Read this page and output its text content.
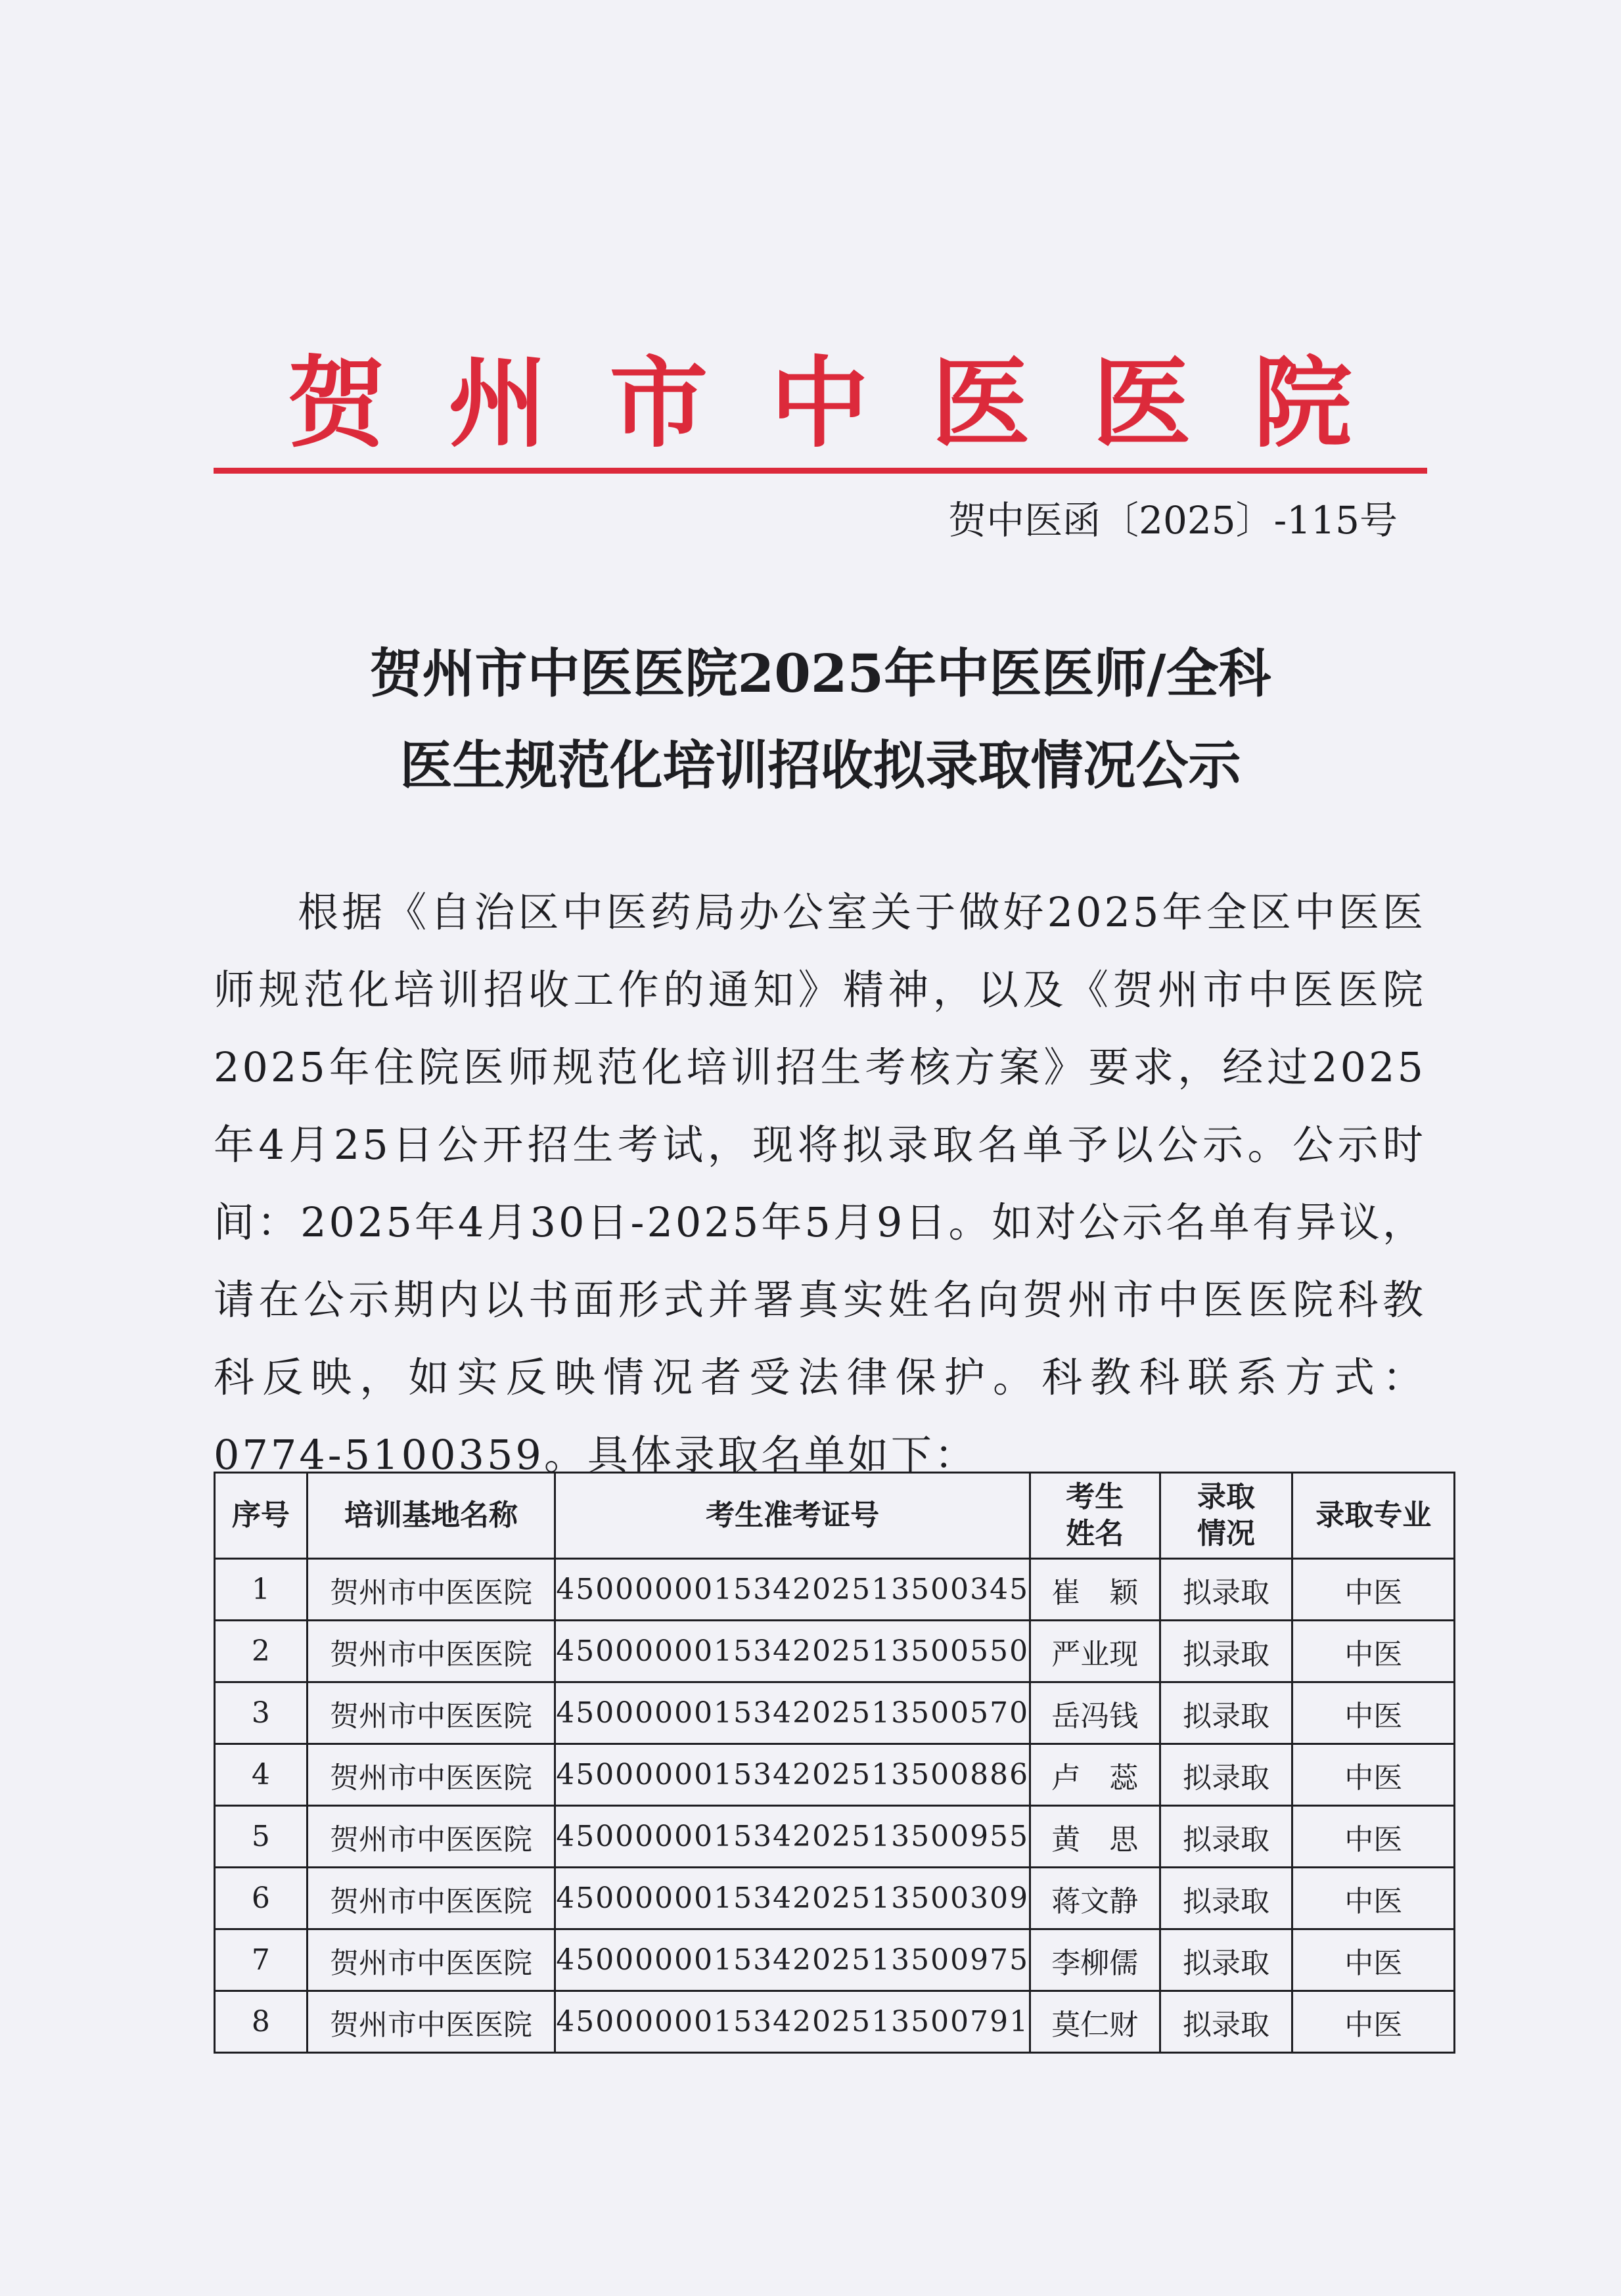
贺州市中医医院
贺中医函〔2025〕-115号
贺州市中医医院2025年中医医师/全科
医生规范化培训招收拟录取情况公示
根据《自治区中医药局办公室关于做好2025年全区中医医师规范化培训招收工作的通知》精神，以及《贺州市中医医院2025年住院医师规范化培训招生考核方案》要求，经过2025年4月25日公开招生考试，现将拟录取名单予以公示。公示时间：2025年4月30日-2025年5月9日。如对公示名单有异议，请在公示期内以书面形式并署真实姓名向贺州市中医医院科教科反映，如实反映情况者受法律保护。科教科联系方式：0774-5100359。具体录取名单如下：
序号	培训基地名称	考生准考证号	考生姓名	录取情况	录取专业
1	贺州市中医医院	450000001534202513500345	崔　颖	拟录取	中医
2	贺州市中医医院	450000001534202513500550	严业现	拟录取	中医
3	贺州市中医医院	450000001534202513500570	岳冯钱	拟录取	中医
4	贺州市中医医院	450000001534202513500886	卢　蕊	拟录取	中医
5	贺州市中医医院	450000001534202513500955	黄　思	拟录取	中医
6	贺州市中医医院	450000001534202513500309	蒋文静	拟录取	中医
7	贺州市中医医院	450000001534202513500975	李柳儒	拟录取	中医
8	贺州市中医医院	450000001534202513500791	莫仁财	拟录取	中医
